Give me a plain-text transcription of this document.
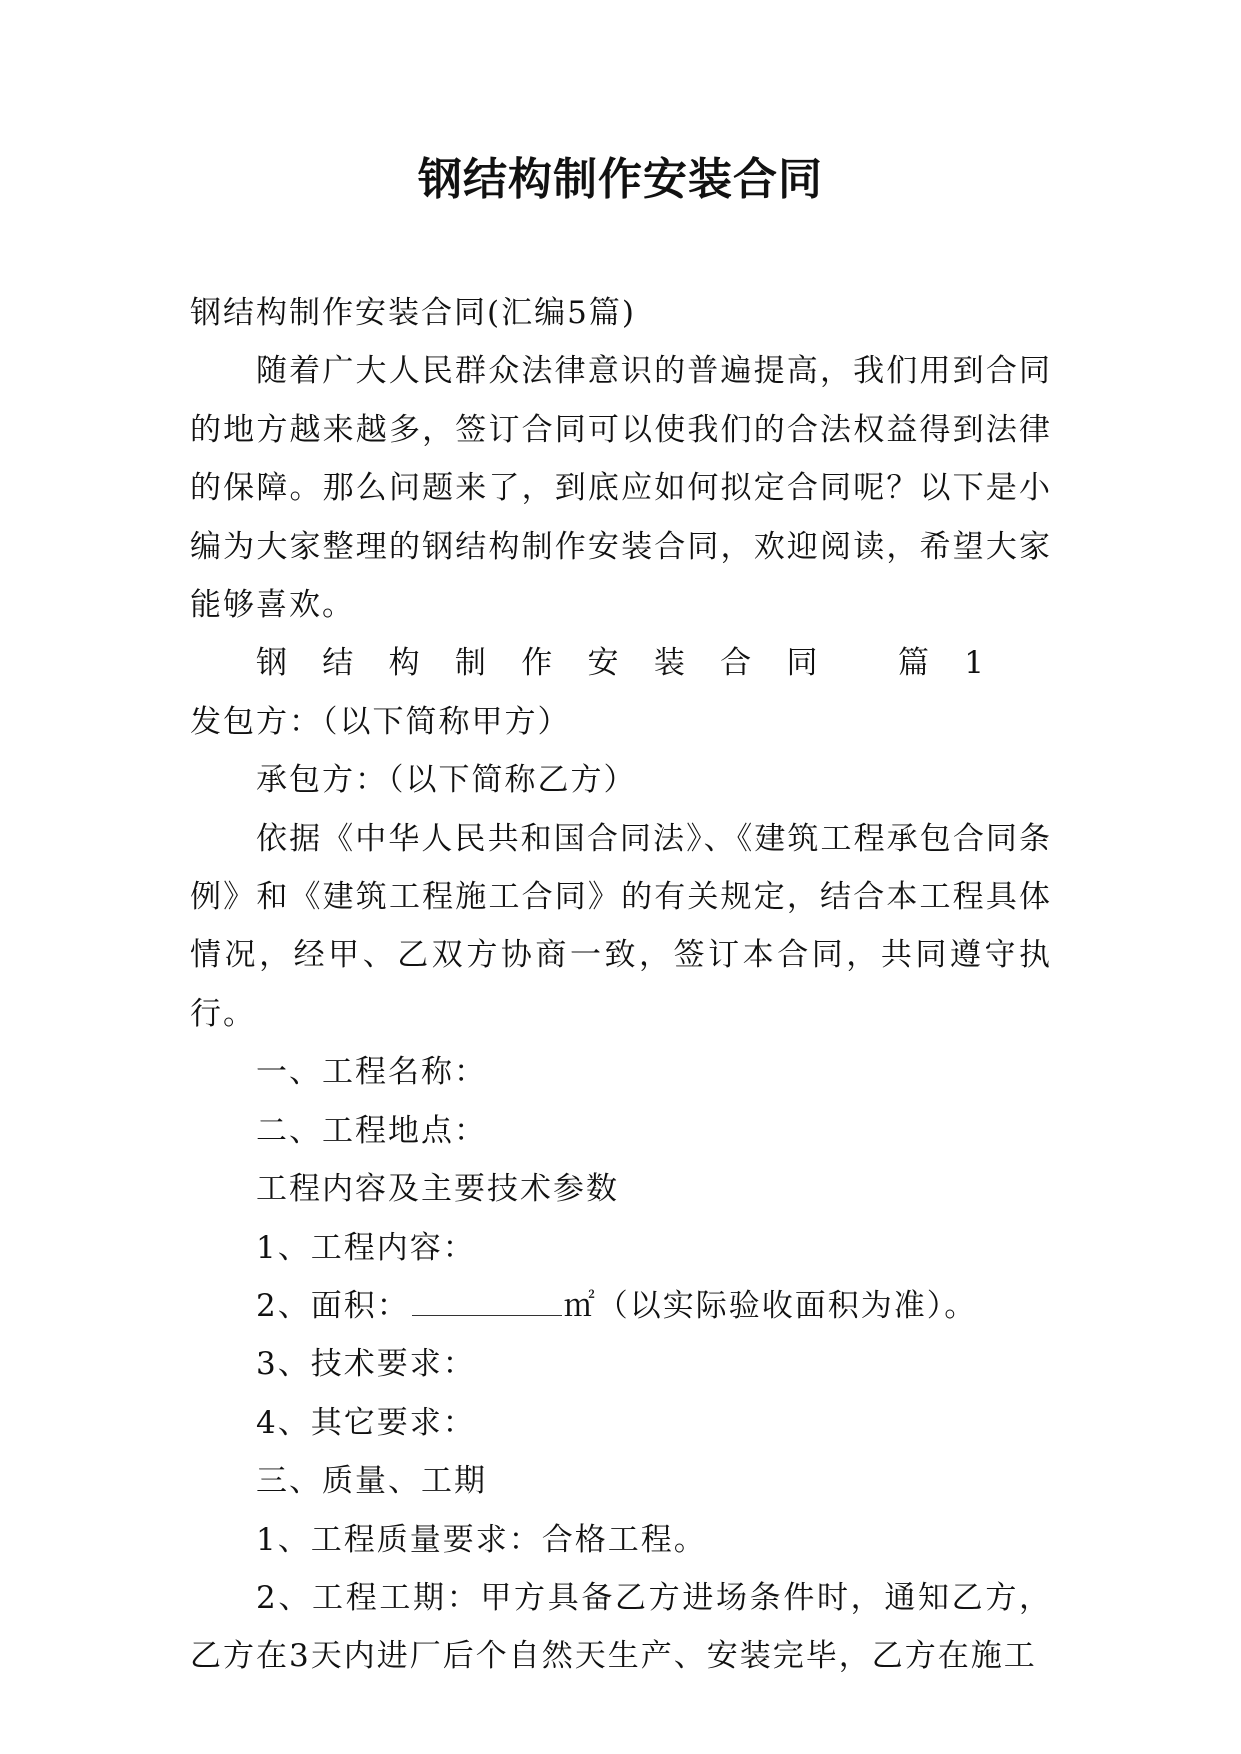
钢结构制作安装合同

钢结构制作安装合同(汇编5篇)

随着广大人民群众法律意识的普遍提高，我们用到合同的地方越来越多，签订合同可以使我们的合法权益得到法律的保障。那么问题来了，到底应如何拟定合同呢？以下是小编为大家整理的钢结构制作安装合同，欢迎阅读，希望大家能够喜欢。

钢结构制作安装合同 篇1发包方：（以下简称甲方）

承包方：（以下简称乙方）

依据《中华人民共和国合同法》、《建筑工程承包合同条例》和《建筑工程施工合同》的有关规定，结合本工程具体情况，经甲、乙双方协商一致，签订本合同，共同遵守执行。

一、工程名称：

二、工程地点：

工程内容及主要技术参数

1、工程内容：

2、面积：	㎡（以实际验收面积为准）。

3、技术要求：

4、其它要求：

三、质量、工期

1、工程质量要求：合格工程。

2、工程工期：甲方具备乙方进场条件时，通知乙方，乙方在3天内进厂后个自然天生产、安装完毕，乙方在施工
